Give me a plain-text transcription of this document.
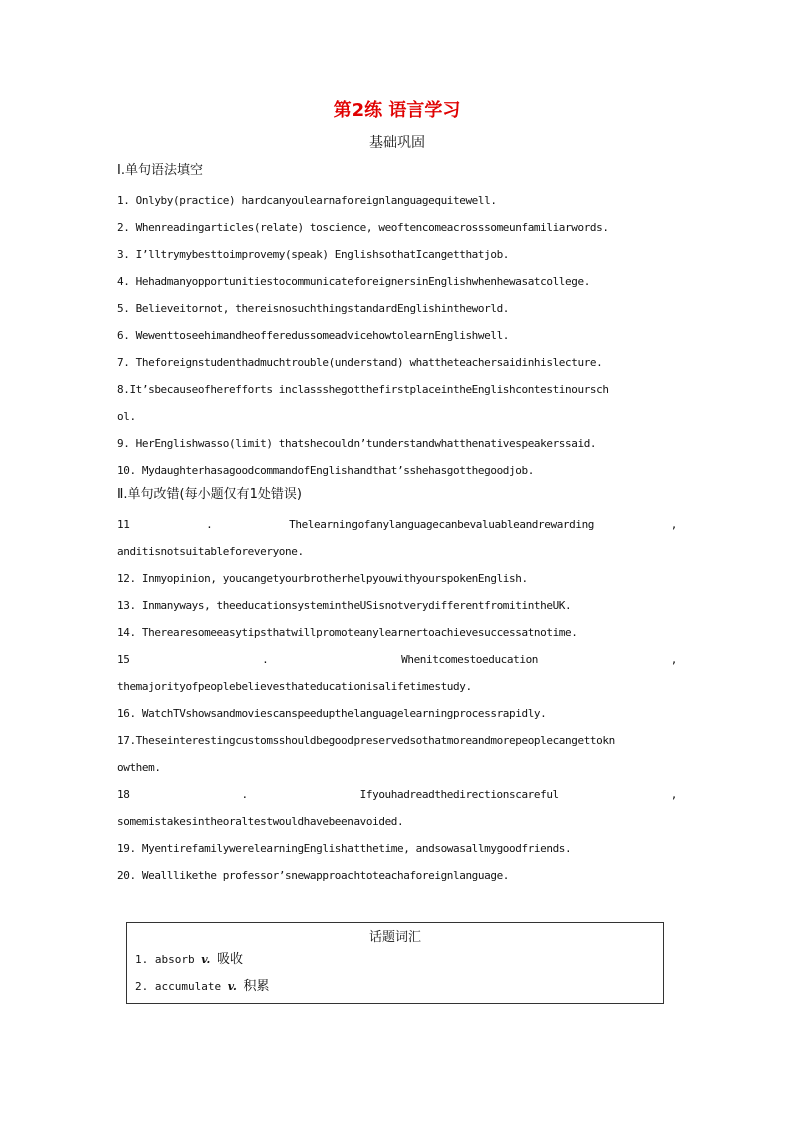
第2练 语言学习
基础巩固
Ⅰ.单句语法填空
1. Onlyby(practice) hardcanyoulearnaforeignlanguagequitewell.
2. Whenreadingarticles(relate) toscience, weoftencomeacrosssomeunfamiliarwords.
3. I’lltrymybesttoimprovemy(speak) EnglishsothatIcangetthatjob.
4. HehadmanyopportunitiestocommunicateforeignersinEnglishwhenhewasatcollege.
5. Believeitornot, thereisnosuchthingstandardEnglishintheworld.
6. WewenttoseehimandheofferedussomeadvicehowtolearnEnglishwell.
7. Theforeignstudenthadmuchtrouble(understand) whattheteachersaidinhislecture.
8.It’sbecauseofherefforts inclassshegotthefirstplaceintheEnglishcontestinoursch
ol.
9. HerEnglishwasso(limit) thatshecouldn’tunderstandwhatthenativespeakerssaid.
10. MydaughterhasagoodcommandofEnglishandthat’sshehasgotthegoodjob.
Ⅱ.单句改错(每小题仅有1处错误)
11	.	Thelearningofanylanguagecanbevaluableandrewarding	,
anditisnotsuitableforeveryone.
12. Inmyopinion, youcangetyourbrotherhelpyouwithyourspokenEnglish.
13. Inmanyways, theeducationsystemintheUSisnotverydifferentfromitintheUK.
14. Therearesomeeasytipsthatwillpromoteanylearnertoachievesuccessatnotime.
15	.	Whenitcomestoeducation	,
themajorityofpeoplebelievesthateducationisalifetimestudy.
16. WatchTVshowsandmoviescanspeedupthelanguagelearningprocessrapidly.
17.Theseinterestingcustomsshouldbegoodpreservedsothatmoreandmorepeoplecangettokn
owthem.
18	.	Ifyouhadreadthedirectionscareful	,
somemistakesintheoraltestwouldhavebeenavoided.
19. MyentirefamilywerelearningEnglishatthetime, andsowasallmygoodfriends.
20. Wealllikethe professor’snewapproachtoteachaforeignlanguage.
话题词汇
1. absorb v. 吸收
2. accumulate v. 积累
